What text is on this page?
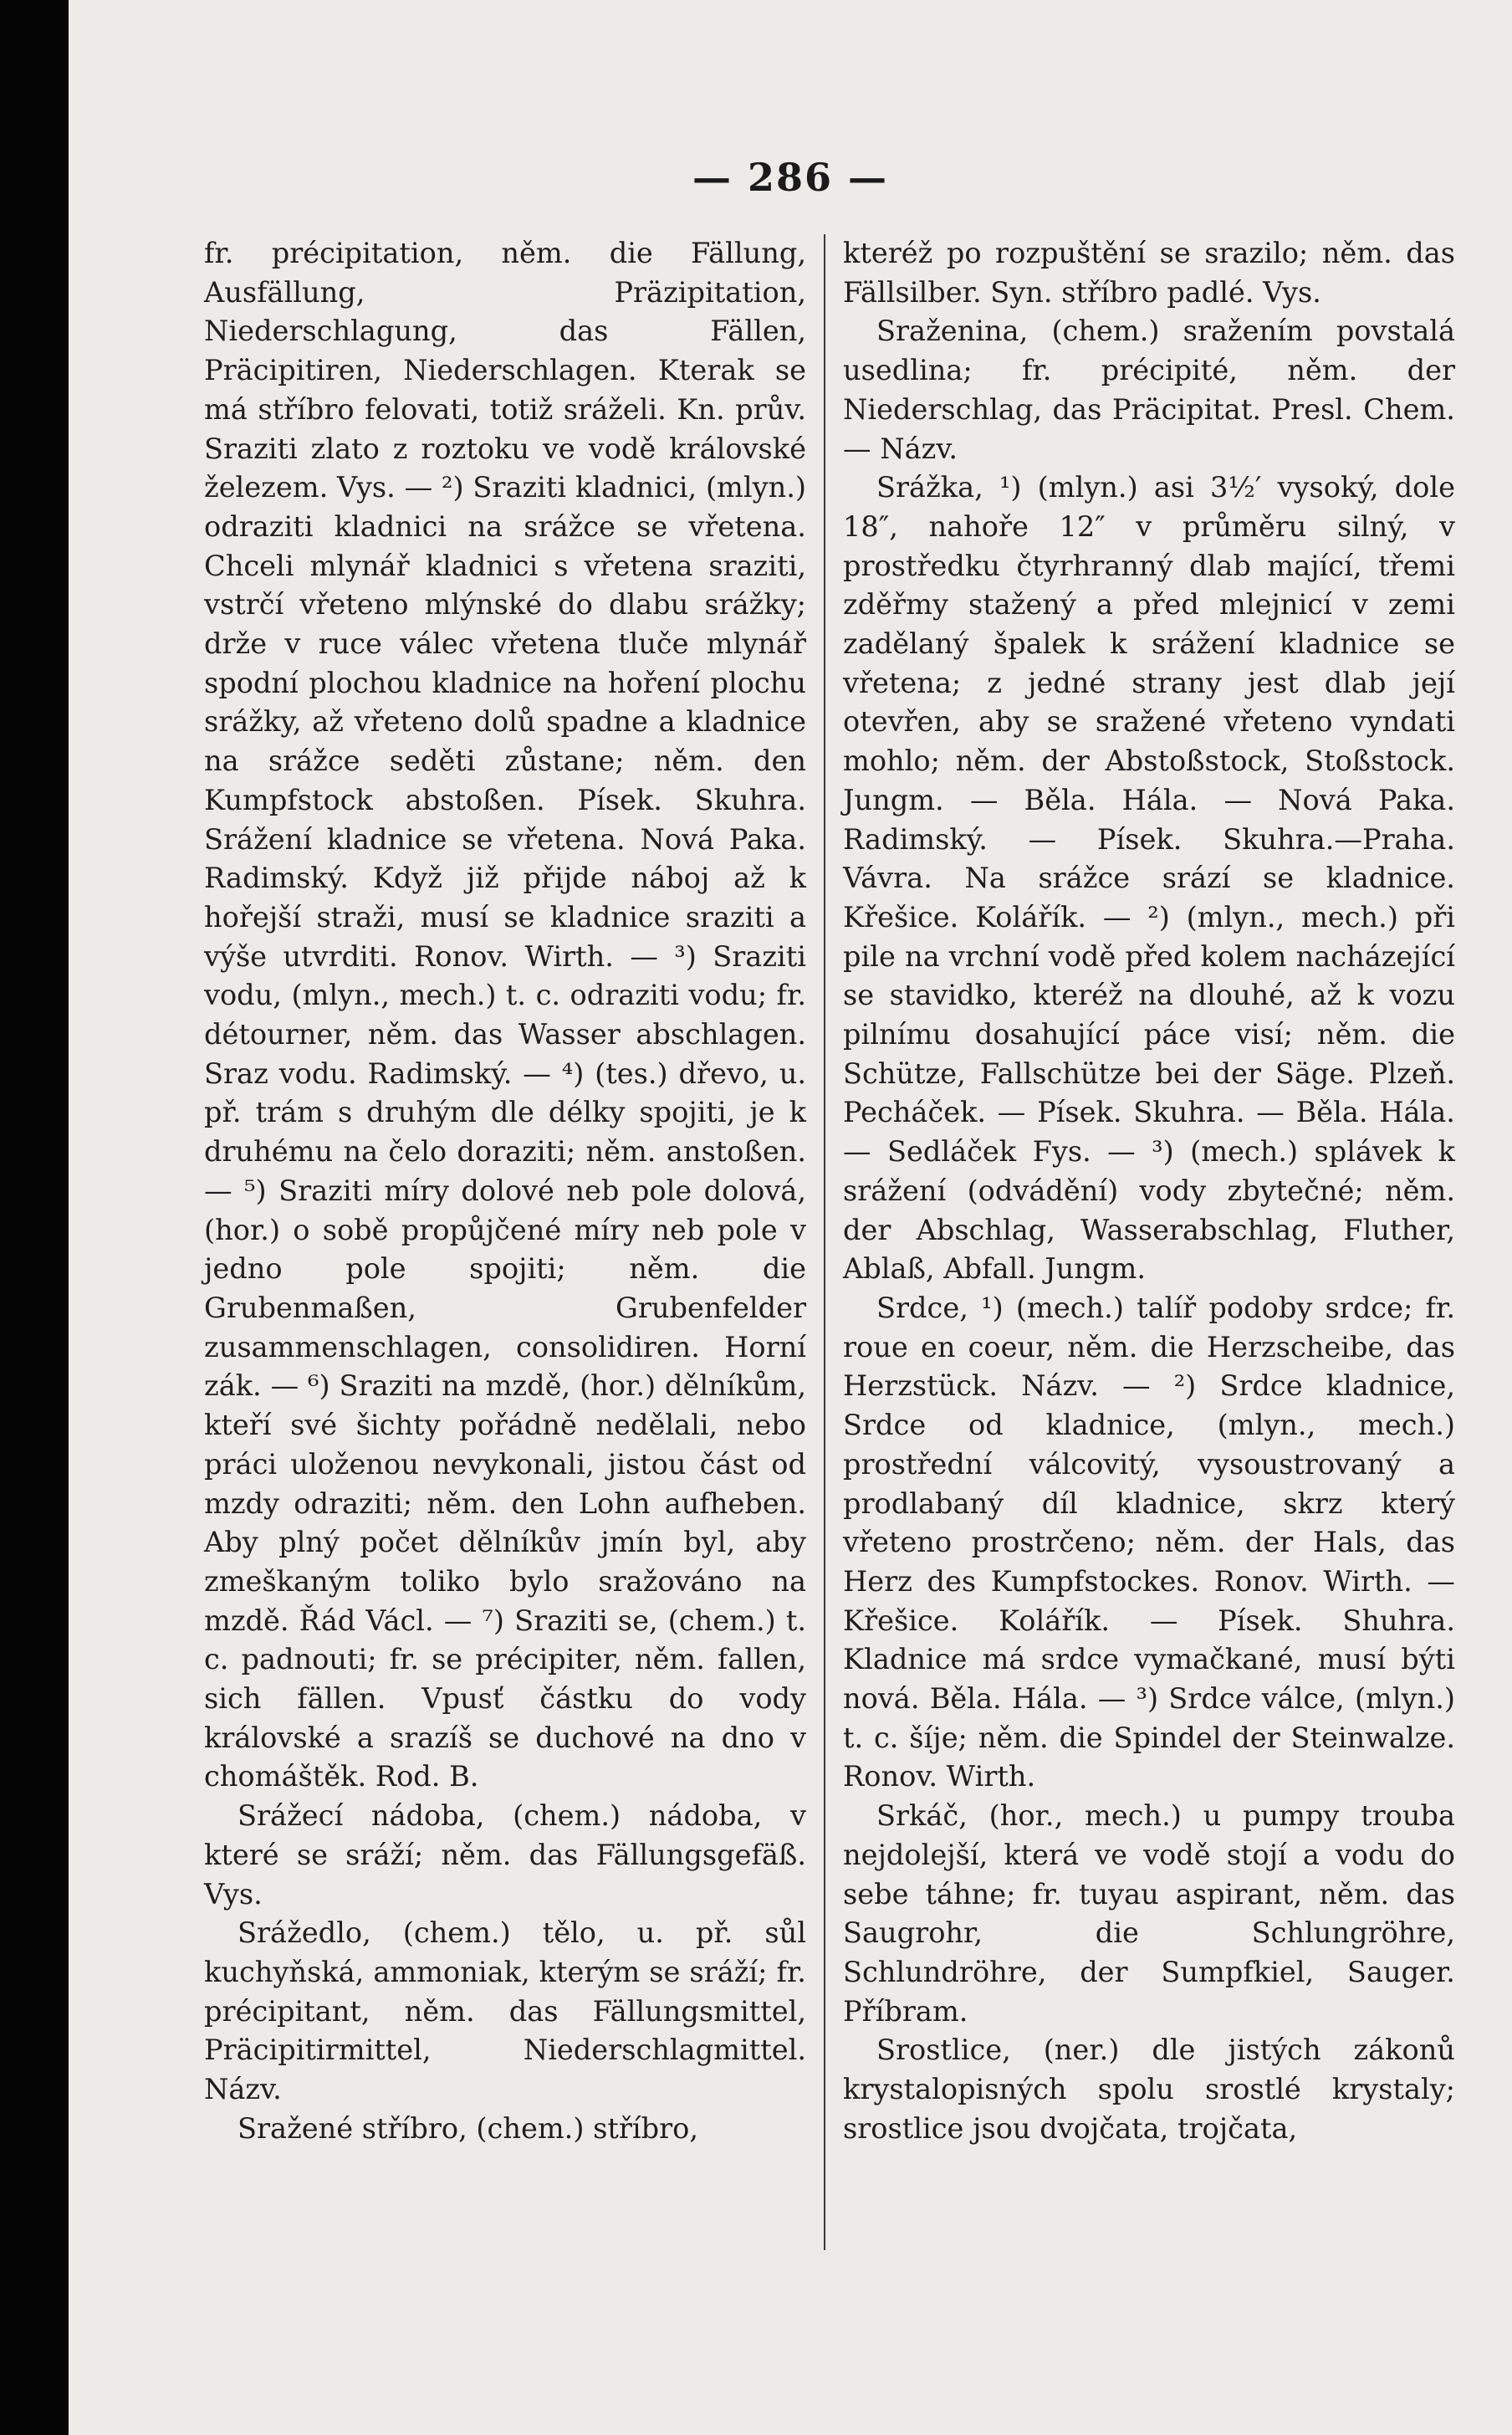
— 286 —

fr. précipitation, něm. die Fällung, Ausfällung, Präzipitation, Niederschlagung, das Fällen, Präcipitiren, Niederschlagen. Kterak se má stříbro felovati, totiž sráželi. Kn. prův. Sraziti zlato z roztoku ve vodě královské železem. Vys. — ²) Sraziti kladnici, (mlyn.) odraziti kladnici na srážce se vřetena. Chceli mlynář kladnici s vřetena sraziti, vstrčí vřeteno mlýnské do dlabu srážky; drže v ruce válec vřetena tluče mlynář spodní plochou kladnice na hoření plochu srážky, až vřeteno dolů spadne a kladnice na srážce seděti zůstane; něm. den Kumpfstock abstoßen. Písek. Skuhra. Srážení kladnice se vřetena. Nová Paka. Radimský. Když již přijde náboj až k hořejší straži, musí se kladnice sraziti a výše utvrditi. Ronov. Wirth. — ³) Sraziti vodu, (mlyn., mech.) t. c. odraziti vodu; fr. détourner, něm. das Wasser abschlagen. Sraz vodu. Radimský. — ⁴) (tes.) dřevo, u. př. trám s druhým dle délky spojiti, je k druhému na čelo doraziti; něm. anstoßen. — ⁵) Sraziti míry dolové neb pole dolová, (hor.) o sobě propůjčené míry neb pole v jedno pole spojiti; něm. die Grubenmaßen, Grubenfelder zusammenschlagen, consolidiren. Horní zák. — ⁶) Sraziti na mzdě, (hor.) dělníkům, kteří své šichty pořádně nedělali, nebo práci uloženou nevykonali, jistou část od mzdy odraziti; něm. den Lohn aufheben. Aby plný počet dělníkův jmín byl, aby zmeškaným toliko bylo sražováno na mzdě. Řád Václ. — ⁷) Sraziti se, (chem.) t. c. padnouti; fr. se précipiter, něm. fallen, sich fällen. Vpusť částku do vody královské a srazíš se duchové na dno v chomáštěk. Rod. B.

Srážecí nádoba, (chem.) nádoba, v které se sráží; něm. das Fällungsgefäß. Vys.

Srážedlo, (chem.) tělo, u. př. sůl kuchyňská, ammoniak, kterým se sráží; fr. précipitant, něm. das Fällungsmittel, Präcipitirmittel, Niederschlagmittel. Názv.

Sražené stříbro, (chem.) stříbro,

kteréž po rozpuštění se srazilo; něm. das Fällsilber. Syn. stříbro padlé. Vys.

Sraženina, (chem.) sražením povstalá usedlina; fr. précipité, něm. der Niederschlag, das Präcipitat. Presl. Chem. — Názv.

Srážka, ¹) (mlyn.) asi 3½′ vysoký, dole 18″, nahoře 12″ v průměru silný, v prostředku čtyrhranný dlab mající, třemi zděřmy stažený a před mlejnicí v zemi zadělaný špalek k srážení kladnice se vřetena; z jedné strany jest dlab její otevřen, aby se sražené vřeteno vyndati mohlo; něm. der Abstoßstock, Stoßstock. Jungm. — Běla. Hála. — Nová Paka. Radimský. — Písek. Skuhra.—Praha. Vávra. Na srážce srází se kladnice. Křešice. Kolářík. — ²) (mlyn., mech.) při pile na vrchní vodě před kolem nacházející se stavidko, kteréž na dlouhé, až k vozu pilnímu dosahující páce visí; něm. die Schütze, Fallschütze bei der Säge. Plzeň. Pecháček. — Písek. Skuhra. — Běla. Hála. — Sedláček Fys. — ³) (mech.) splávek k srážení (odvádění) vody zbytečné; něm. der Abschlag, Wasserabschlag, Fluther, Ablaß, Abfall. Jungm.

Srdce, ¹) (mech.) talíř podoby srdce; fr. roue en coeur, něm. die Herzscheibe, das Herzstück. Názv. — ²) Srdce kladnice, Srdce od kladnice, (mlyn., mech.) prostřední válcovitý, vysoustrovaný a prodlabaný díl kladnice, skrz který vřeteno prostrčeno; něm. der Hals, das Herz des Kumpfstockes. Ronov. Wirth. — Křešice. Kolářík. — Písek. Shuhra. Kladnice má srdce vymačkané, musí býti nová. Běla. Hála. — ³) Srdce válce, (mlyn.) t. c. šíje; něm. die Spindel der Steinwalze. Ronov. Wirth.

Srkáč, (hor., mech.) u pumpy trouba nejdolejší, která ve vodě stojí a vodu do sebe táhne; fr. tuyau aspirant, něm. das Saugrohr, die Schlungröhre, Schlundröhre, der Sumpfkiel, Sauger. Příbram.

Srostlice, (ner.) dle jistých zákonů krystalopisných spolu srostlé krystaly; srostlice jsou dvojčata, trojčata,
